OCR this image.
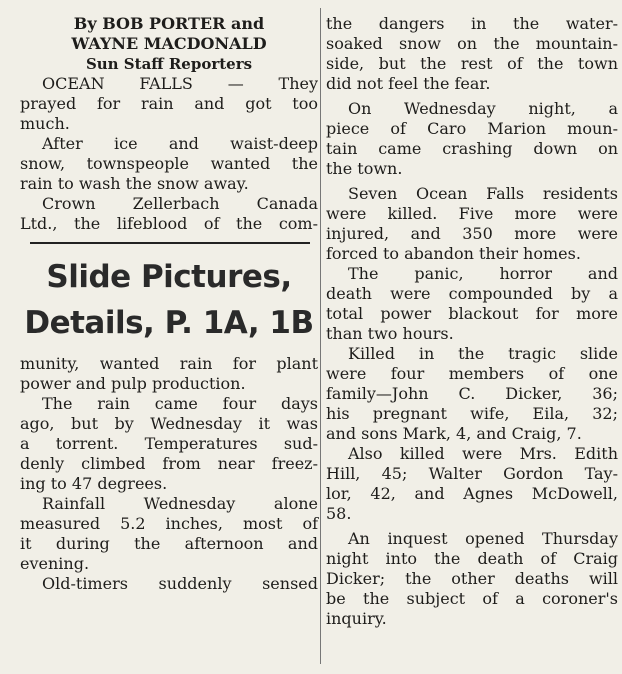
By BOB PORTER and
WAYNE MACDONALD
Sun Staff Reporters

OCEAN FALLS — They

prayed for rain and got too

much.

After ice and waist-deep

snow, townspeople wanted the

rain to wash the snow away.

Crown Zellerbach Canada

Ltd., the lifeblood of the com-

Slide Pictures,
Details, P. 1A, 1B

munity, wanted rain for plant

power and pulp production.

The rain came four days

ago, but by Wednesday it was

a torrent. Temperatures sud-

denly climbed from near freez-

ing to 47 degrees.

Rainfall Wednesday alone

measured 5.2 inches, most of

it during the afternoon and

evening.

Old-timers suddenly sensed

the dangers in the water-

soaked snow on the mountain-

side, but the rest of the town

did not feel the fear.

On Wednesday night, a

piece of Caro Marion moun-

tain came crashing down on

the town.

Seven Ocean Falls residents

were killed. Five more were

injured, and 350 more were

forced to abandon their homes.

The panic, horror and

death were compounded by a

total power blackout for more

than two hours.

Killed in the tragic slide

were four members of one

family—John C. Dicker, 36;

his pregnant wife, Eila, 32;

and sons Mark, 4, and Craig, 7.

Also killed were Mrs. Edith

Hill, 45; Walter Gordon Tay-

lor, 42, and Agnes McDowell,

58.

An inquest opened Thursday

night into the death of Craig

Dicker; the other deaths will

be the subject of a coroner's

inquiry.
